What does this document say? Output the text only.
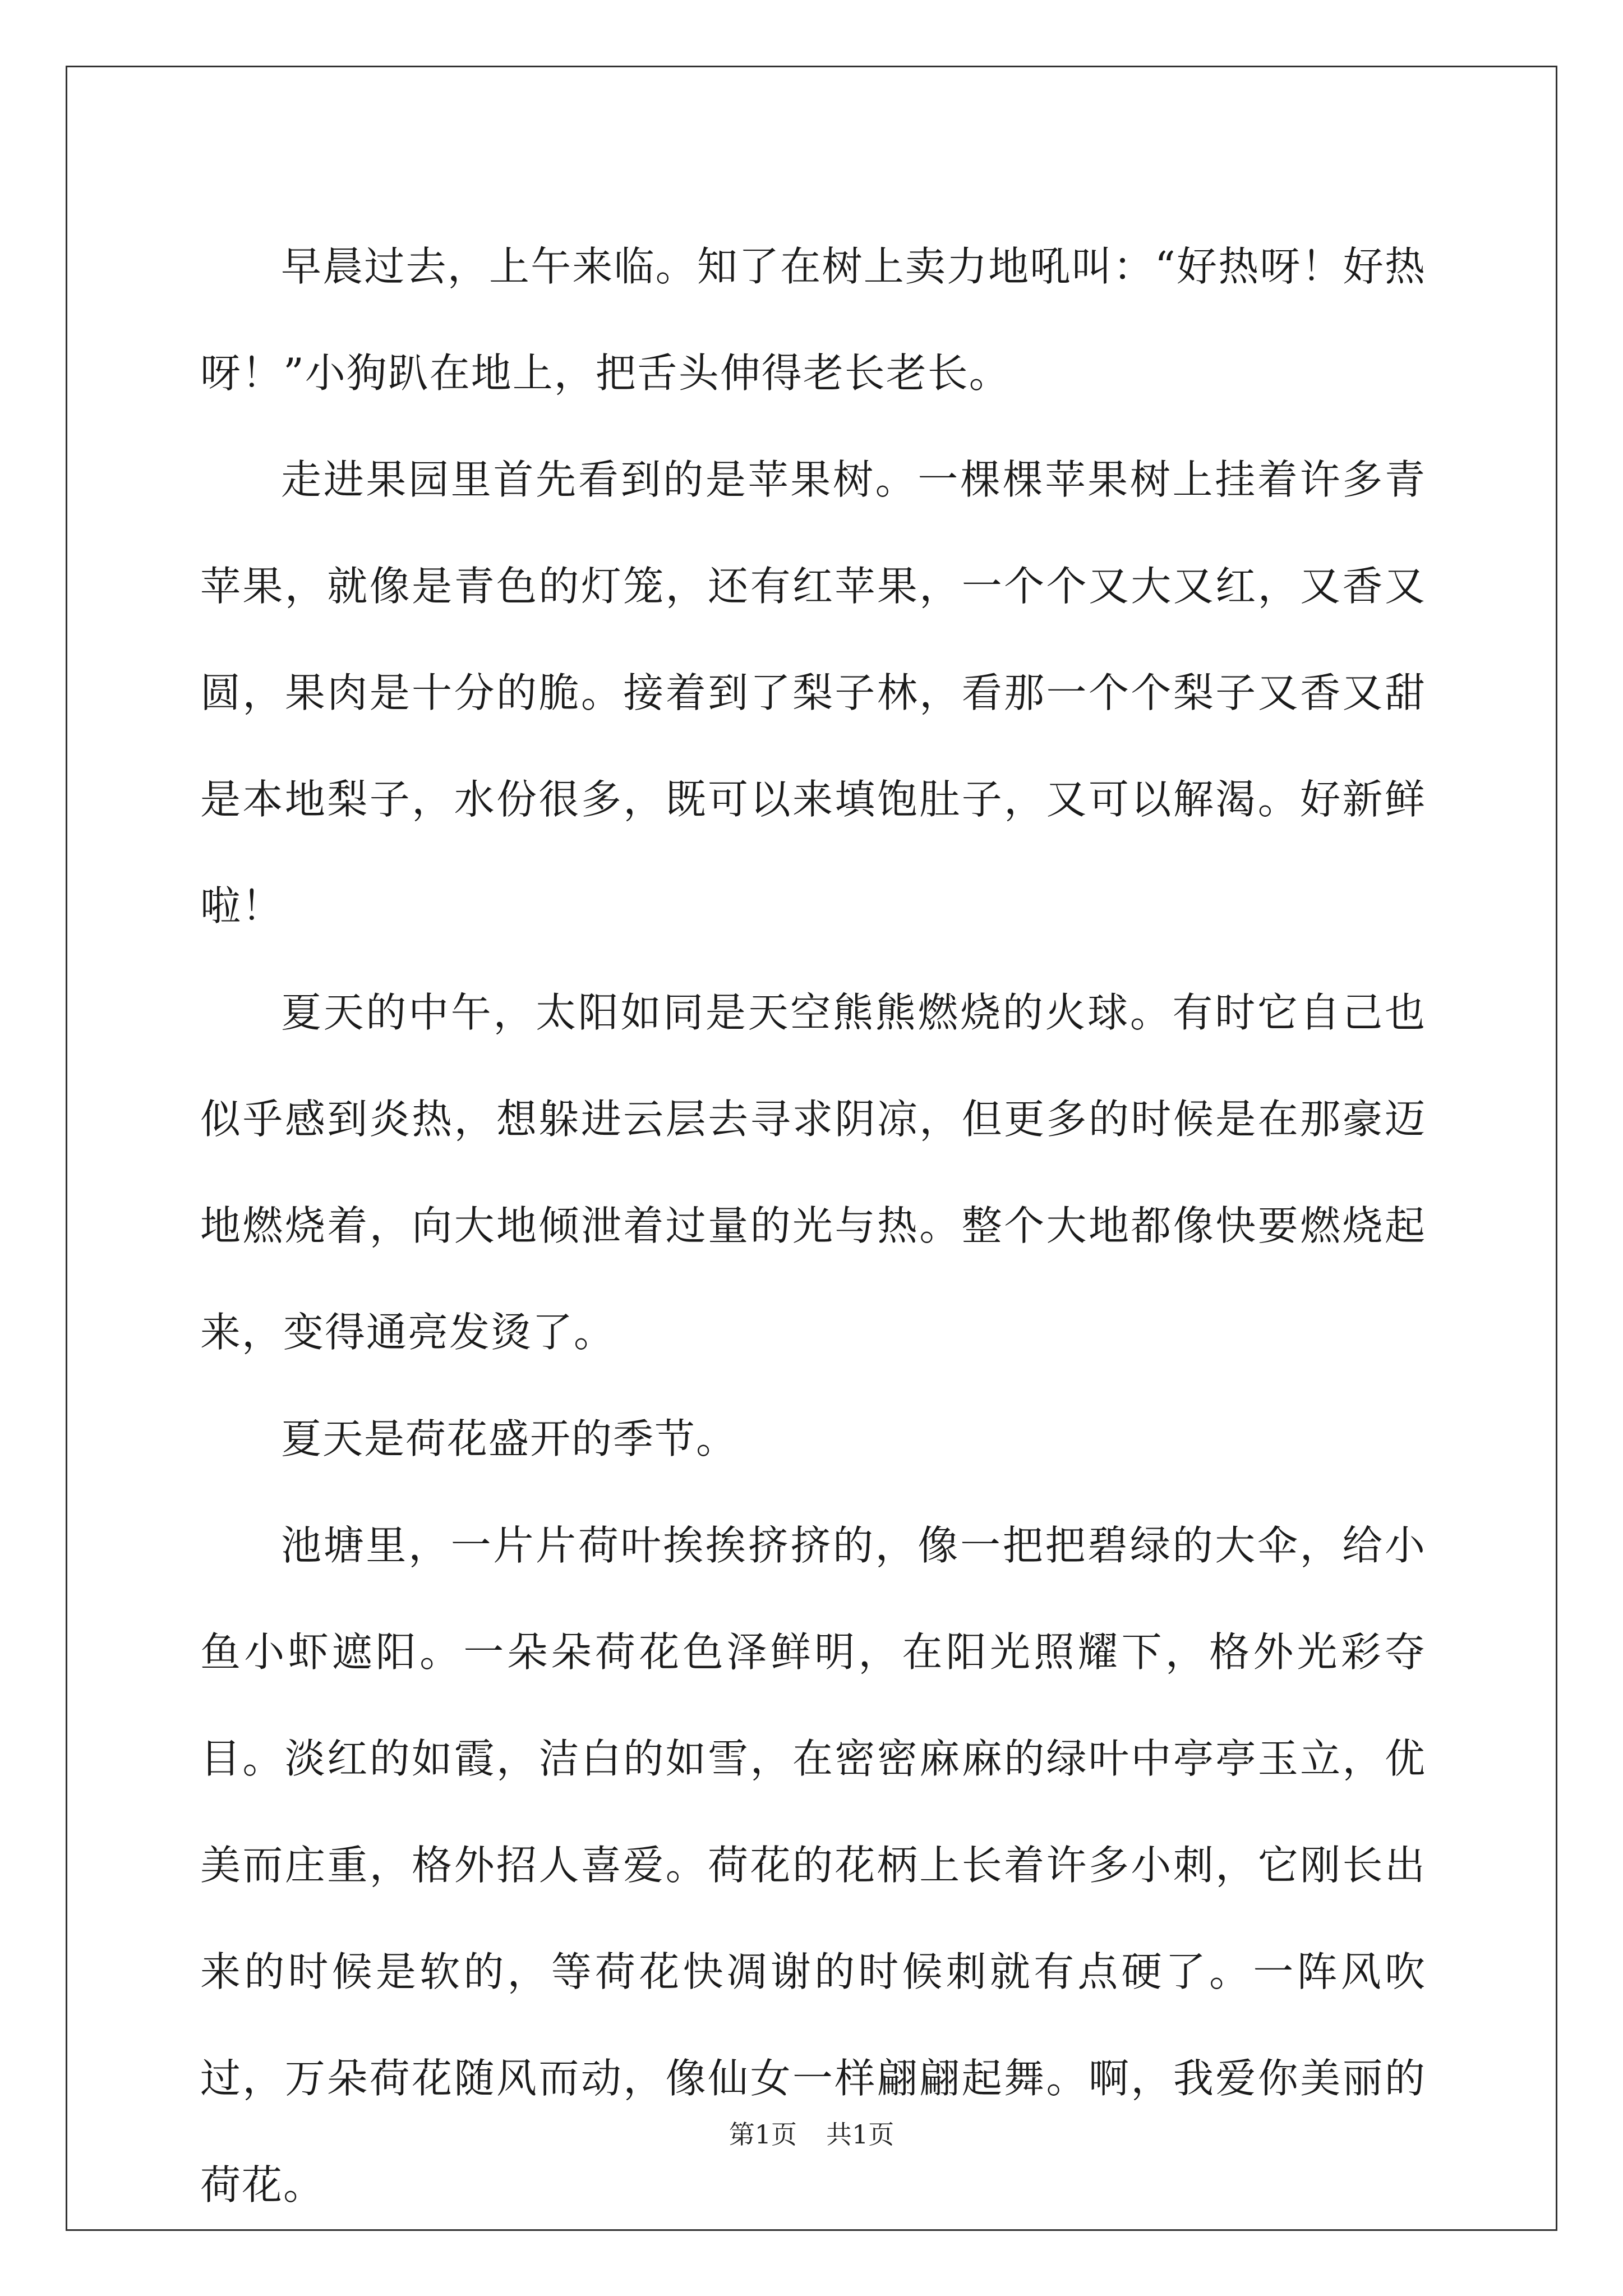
早晨过去，上午来临。知了在树上卖力地吼叫：“好热呀！好热呀！”小狗趴在地上，把舌头伸得老长老长。

走进果园里首先看到的是苹果树。一棵棵苹果树上挂着许多青苹果，就像是青色的灯笼，还有红苹果，一个个又大又红，又香又圆，果肉是十分的脆。接着到了梨子林，看那一个个梨子又香又甜是本地梨子，水份很多，既可以来填饱肚子，又可以解渴。好新鲜啦！

夏天的中午，太阳如同是天空熊熊燃烧的火球。有时它自己也似乎感到炎热，想躲进云层去寻求阴凉，但更多的时候是在那豪迈地燃烧着，向大地倾泄着过量的光与热。整个大地都像快要燃烧起来，变得通亮发烫了。

夏天是荷花盛开的季节。

池塘里，一片片荷叶挨挨挤挤的，像一把把碧绿的大伞，给小鱼小虾遮阳。一朵朵荷花色泽鲜明，在阳光照耀下，格外光彩夺目。淡红的如霞，洁白的如雪，在密密麻麻的绿叶中亭亭玉立，优美而庄重，格外招人喜爱。荷花的花柄上长着许多小刺，它刚长出来的时候是软的，等荷花快凋谢的时候刺就有点硬了。一阵风吹过，万朵荷花随风而动，像仙女一样翩翩起舞。啊，我爱你美丽的荷花。

第1页 共1页
